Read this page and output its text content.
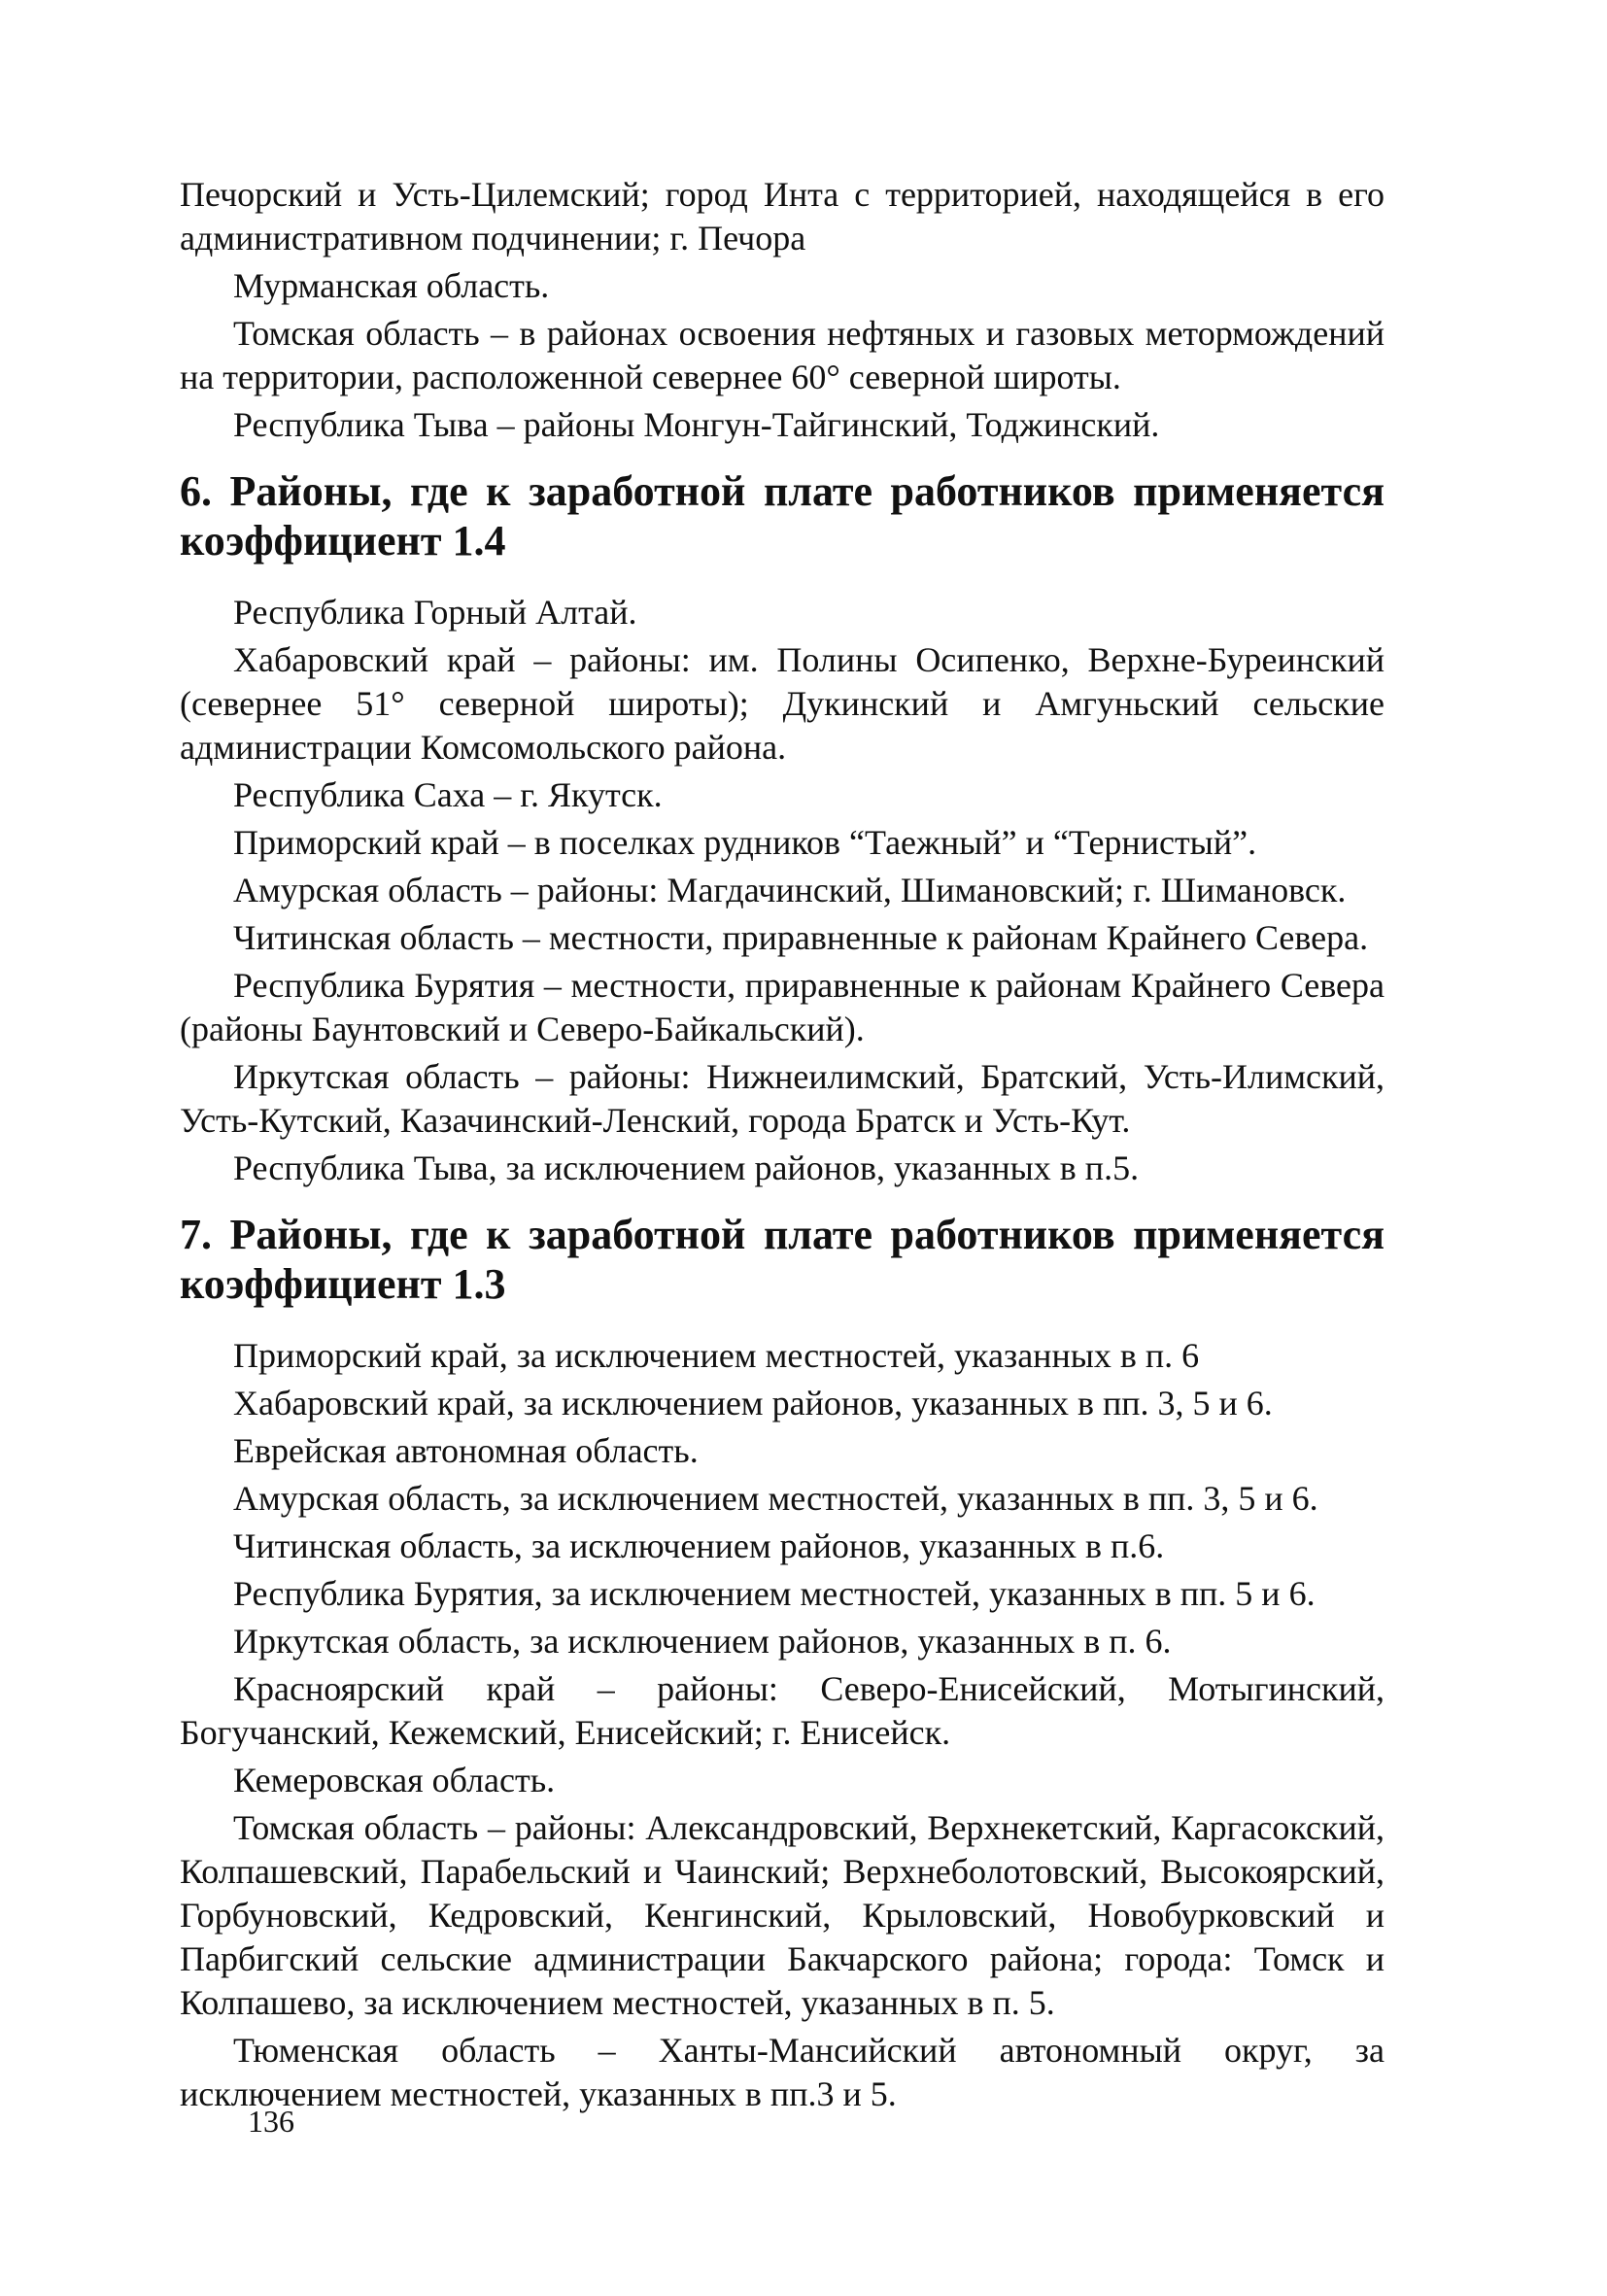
Печорский и Усть-Цилемский; город Инта с территорией, находящейся в его административном подчинении; г. Печора

Мурманская область.

Томская область – в районах освоения нефтяных и газовых метормождений на территории, расположенной севернее 60° северной широты.

Республика Тыва – районы Монгун-Тайгинский, Тоджинский.

6. Районы, где к заработной плате работников применяется коэффициент 1.4

Республика Горный Алтай.

Хабаровский край – районы: им. Полины Осипенко, Верхне-Буреинский (севернее 51° северной широты); Дукинский и Амгуньский сельские администрации Комсомольского района.

Республика Саха – г. Якутск.

Приморский край – в поселках рудников “Таежный” и “Тернистый”.

Амурская область – районы: Магдачинский, Шимановский; г. Шимановск.

Читинская область – местности, приравненные к районам Крайнего Севера.

Республика Бурятия – местности, приравненные к районам Крайнего Севера (районы Баунтовский и Северо-Байкальский).

Иркутская область – районы: Нижнеилимский, Братский, Усть-Илимский, Усть-Кутский, Казачинский-Ленский, города Братск и Усть-Кут.

Республика Тыва, за исключением районов, указанных в п.5.

7. Районы, где к заработной плате работников применяется коэффициент 1.3

Приморский край, за исключением местностей, указанных в п. 6

Хабаровский край, за исключением районов, указанных в пп. 3, 5 и 6.

Еврейская автономная область.

Амурская область, за исключением местностей, указанных в пп. 3, 5 и 6.

Читинская область, за исключением районов, указанных в п.6.

Республика Бурятия, за исключением местностей, указанных в пп. 5 и 6.

Иркутская область, за исключением районов, указанных в п. 6.

Красноярский край – районы: Северо-Енисейский, Мотыгинский, Богучанский, Кежемский, Енисейский; г. Енисейск.

Кемеровская область.

Томская область – районы: Александровский, Верхнекетский, Каргасокский, Колпашевский, Парабельский и Чаинский; Верхнеболотовский, Высокоярский, Горбуновский, Кедровский, Кенгинский, Крыловский, Новобурковский и Парбигский сельские администрации Бакчарского района; города: Томск и Колпашево, за исключением местностей, указанных в п. 5.

Тюменская область – Ханты-Мансийский автономный округ, за исключением местностей, указанных в пп.3 и 5.

136
